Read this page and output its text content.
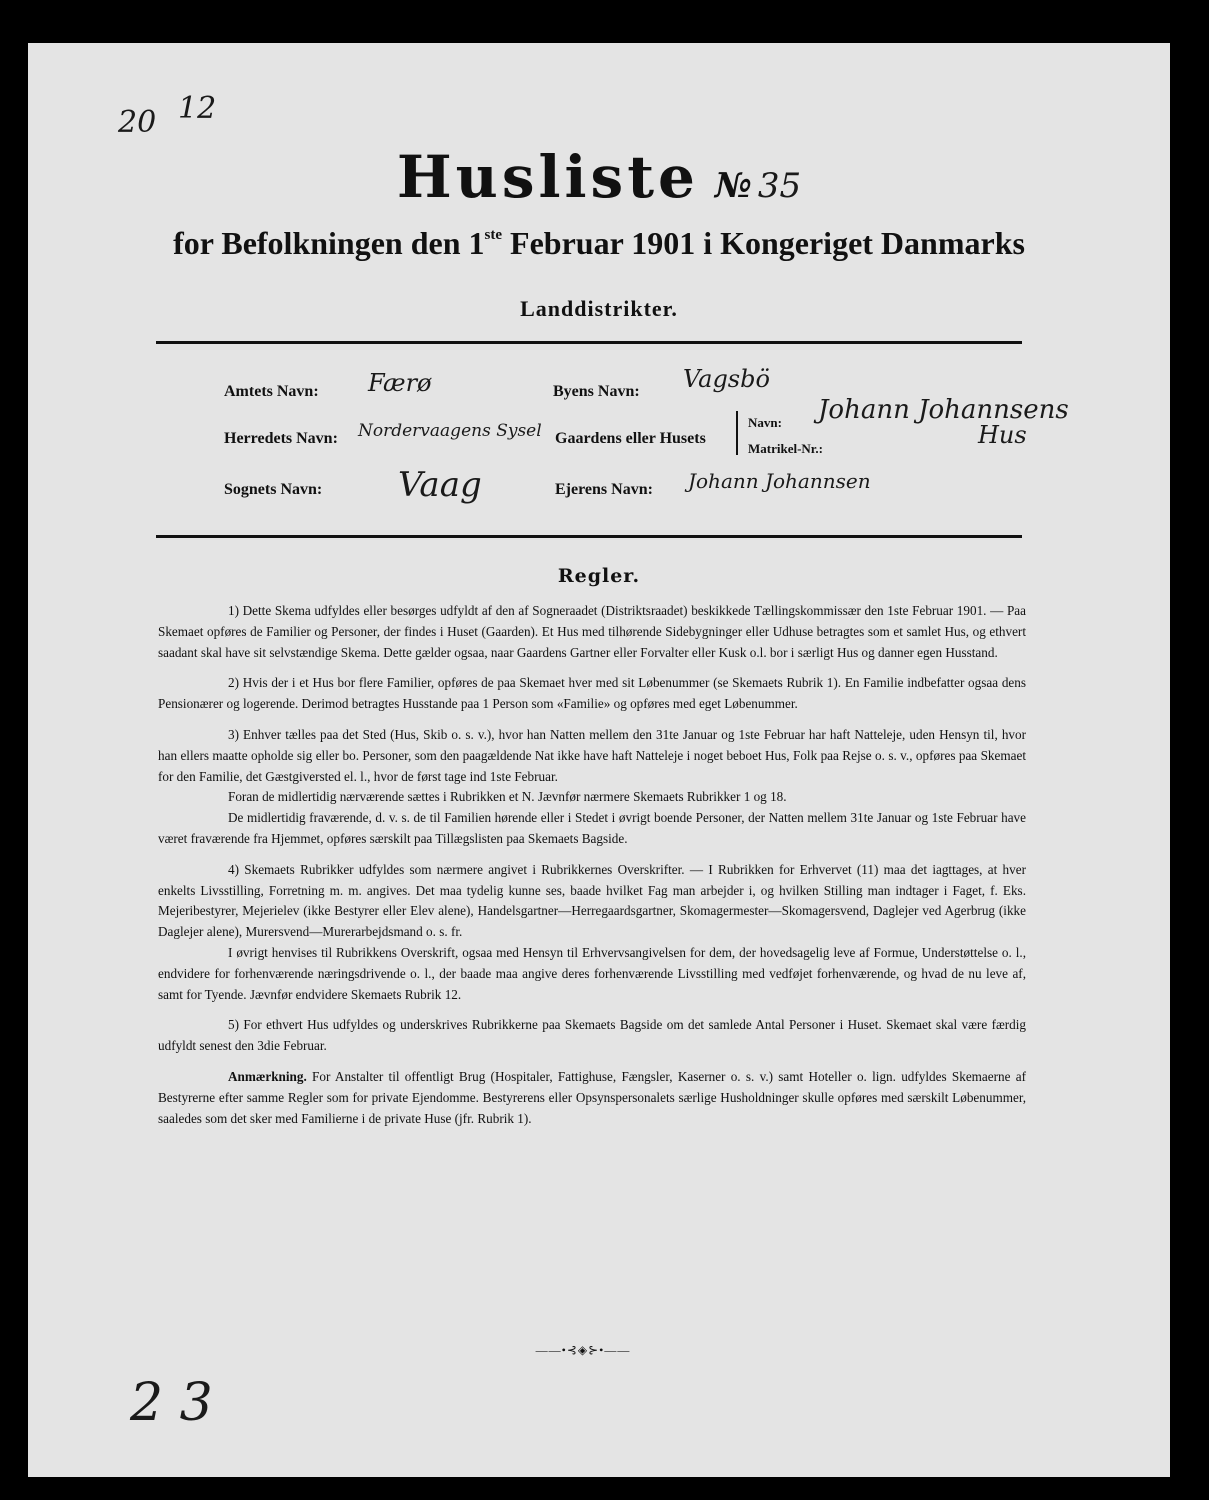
20 12
Husliste № 35
for Befolkningen den 1ste Februar 1901 i Kongeriget Danmarks
Landdistrikter.
Amtets Navn: Færø	Byens Navn: Vagsbö
Herredets Navn: Nordervaagens Sysel Gaardens eller Husets
Navn:
Matrikel-Nr.:
Johann Johannsens
Hus
Sognets Navn: Vaag	Ejerens Navn: Johann Johannsen
Regler.

1) Dette Skema udfyldes eller besørges udfyldt af den af Sogneraadet (Distriktsraadet) beskikkede Tællingskommissær den 1ste Februar 1901. — Paa Skemaet opføres de Familier og Personer, der findes i Huset (Gaarden). Et Hus med tilhørende Sidebygninger eller Udhuse betragtes som et samlet Hus, og ethvert saadant skal have sit selvstændige Skema. Dette gælder ogsaa, naar Gaardens Gartner eller Forvalter eller Kusk o.l. bor i særligt Hus og danner egen Husstand.

2) Hvis der i et Hus bor flere Familier, opføres de paa Skemaet hver med sit Løbenummer (se Skemaets Rubrik 1). En Familie indbefatter ogsaa dens Pensionærer og logerende. Derimod betragtes Husstande paa 1 Person som «Familie» og opføres med eget Løbenummer.

3) Enhver tælles paa det Sted (Hus, Skib o. s. v.), hvor han Natten mellem den 31te Januar og 1ste Februar har haft Natteleje, uden Hensyn til, hvor han ellers maatte opholde sig eller bo. Personer, som den paagældende Nat ikke have haft Natteleje i noget beboet Hus, Folk paa Rejse o. s. v., opføres paa Skemaet for den Familie, det Gæstgiversted el. l., hvor de først tage ind 1ste Februar.

Foran de midlertidig nærværende sættes i Rubrikken et N. Jævnfør nærmere Skemaets Rubrikker 1 og 18.

De midlertidig fraværende, d. v. s. de til Familien hørende eller i Stedet i øvrigt boende Personer, der Natten mellem 31te Januar og 1ste Februar have været fraværende fra Hjemmet, opføres særskilt paa Tillægslisten paa Skemaets Bagside.

4) Skemaets Rubrikker udfyldes som nærmere angivet i Rubrikkernes Overskrifter. — I Rubrikken for Erhvervet (11) maa det iagttages, at hver enkelts Livsstilling, Forretning m. m. angives. Det maa tydelig kunne ses, baade hvilket Fag man arbejder i, og hvilken Stilling man indtager i Faget, f. Eks. Mejeribestyrer, Mejerielev (ikke Bestyrer eller Elev alene), Handelsgartner—Herregaardsgartner, Skomagermester—Skomagersvend, Daglejer ved Agerbrug (ikke Daglejer alene), Murersvend—Murerarbejdsmand o. s. fr.

I øvrigt henvises til Rubrikkens Overskrift, ogsaa med Hensyn til Erhvervsangivelsen for dem, der hovedsagelig leve af Formue, Understøttelse o. l., endvidere for forhenværende næringsdrivende o. l., der baade maa angive deres forhenværende Livsstilling med vedføjet forhenværende, og hvad de nu leve af, samt for Tyende. Jævnfør endvidere Skemaets Rubrik 12.

5) For ethvert Hus udfyldes og underskrives Rubrikkerne paa Skemaets Bagside om det samlede Antal Personer i Huset. Skemaet skal være færdig udfyldt senest den 3die Februar.

Anmærkning. For Anstalter til offentligt Brug (Hospitaler, Fattighuse, Fængsler, Kaserner o. s. v.) samt Hoteller o. lign. udfyldes Skemaerne af Bestyrerne efter samme Regler som for private Ejendomme. Bestyrerens eller Opsynspersonalets særlige Husholdninger skulle opføres med særskilt Løbenummer, saaledes som det sker med Familierne i de private Huse (jfr. Rubrik 1).

——•⊰◈⊱•——
2 3
